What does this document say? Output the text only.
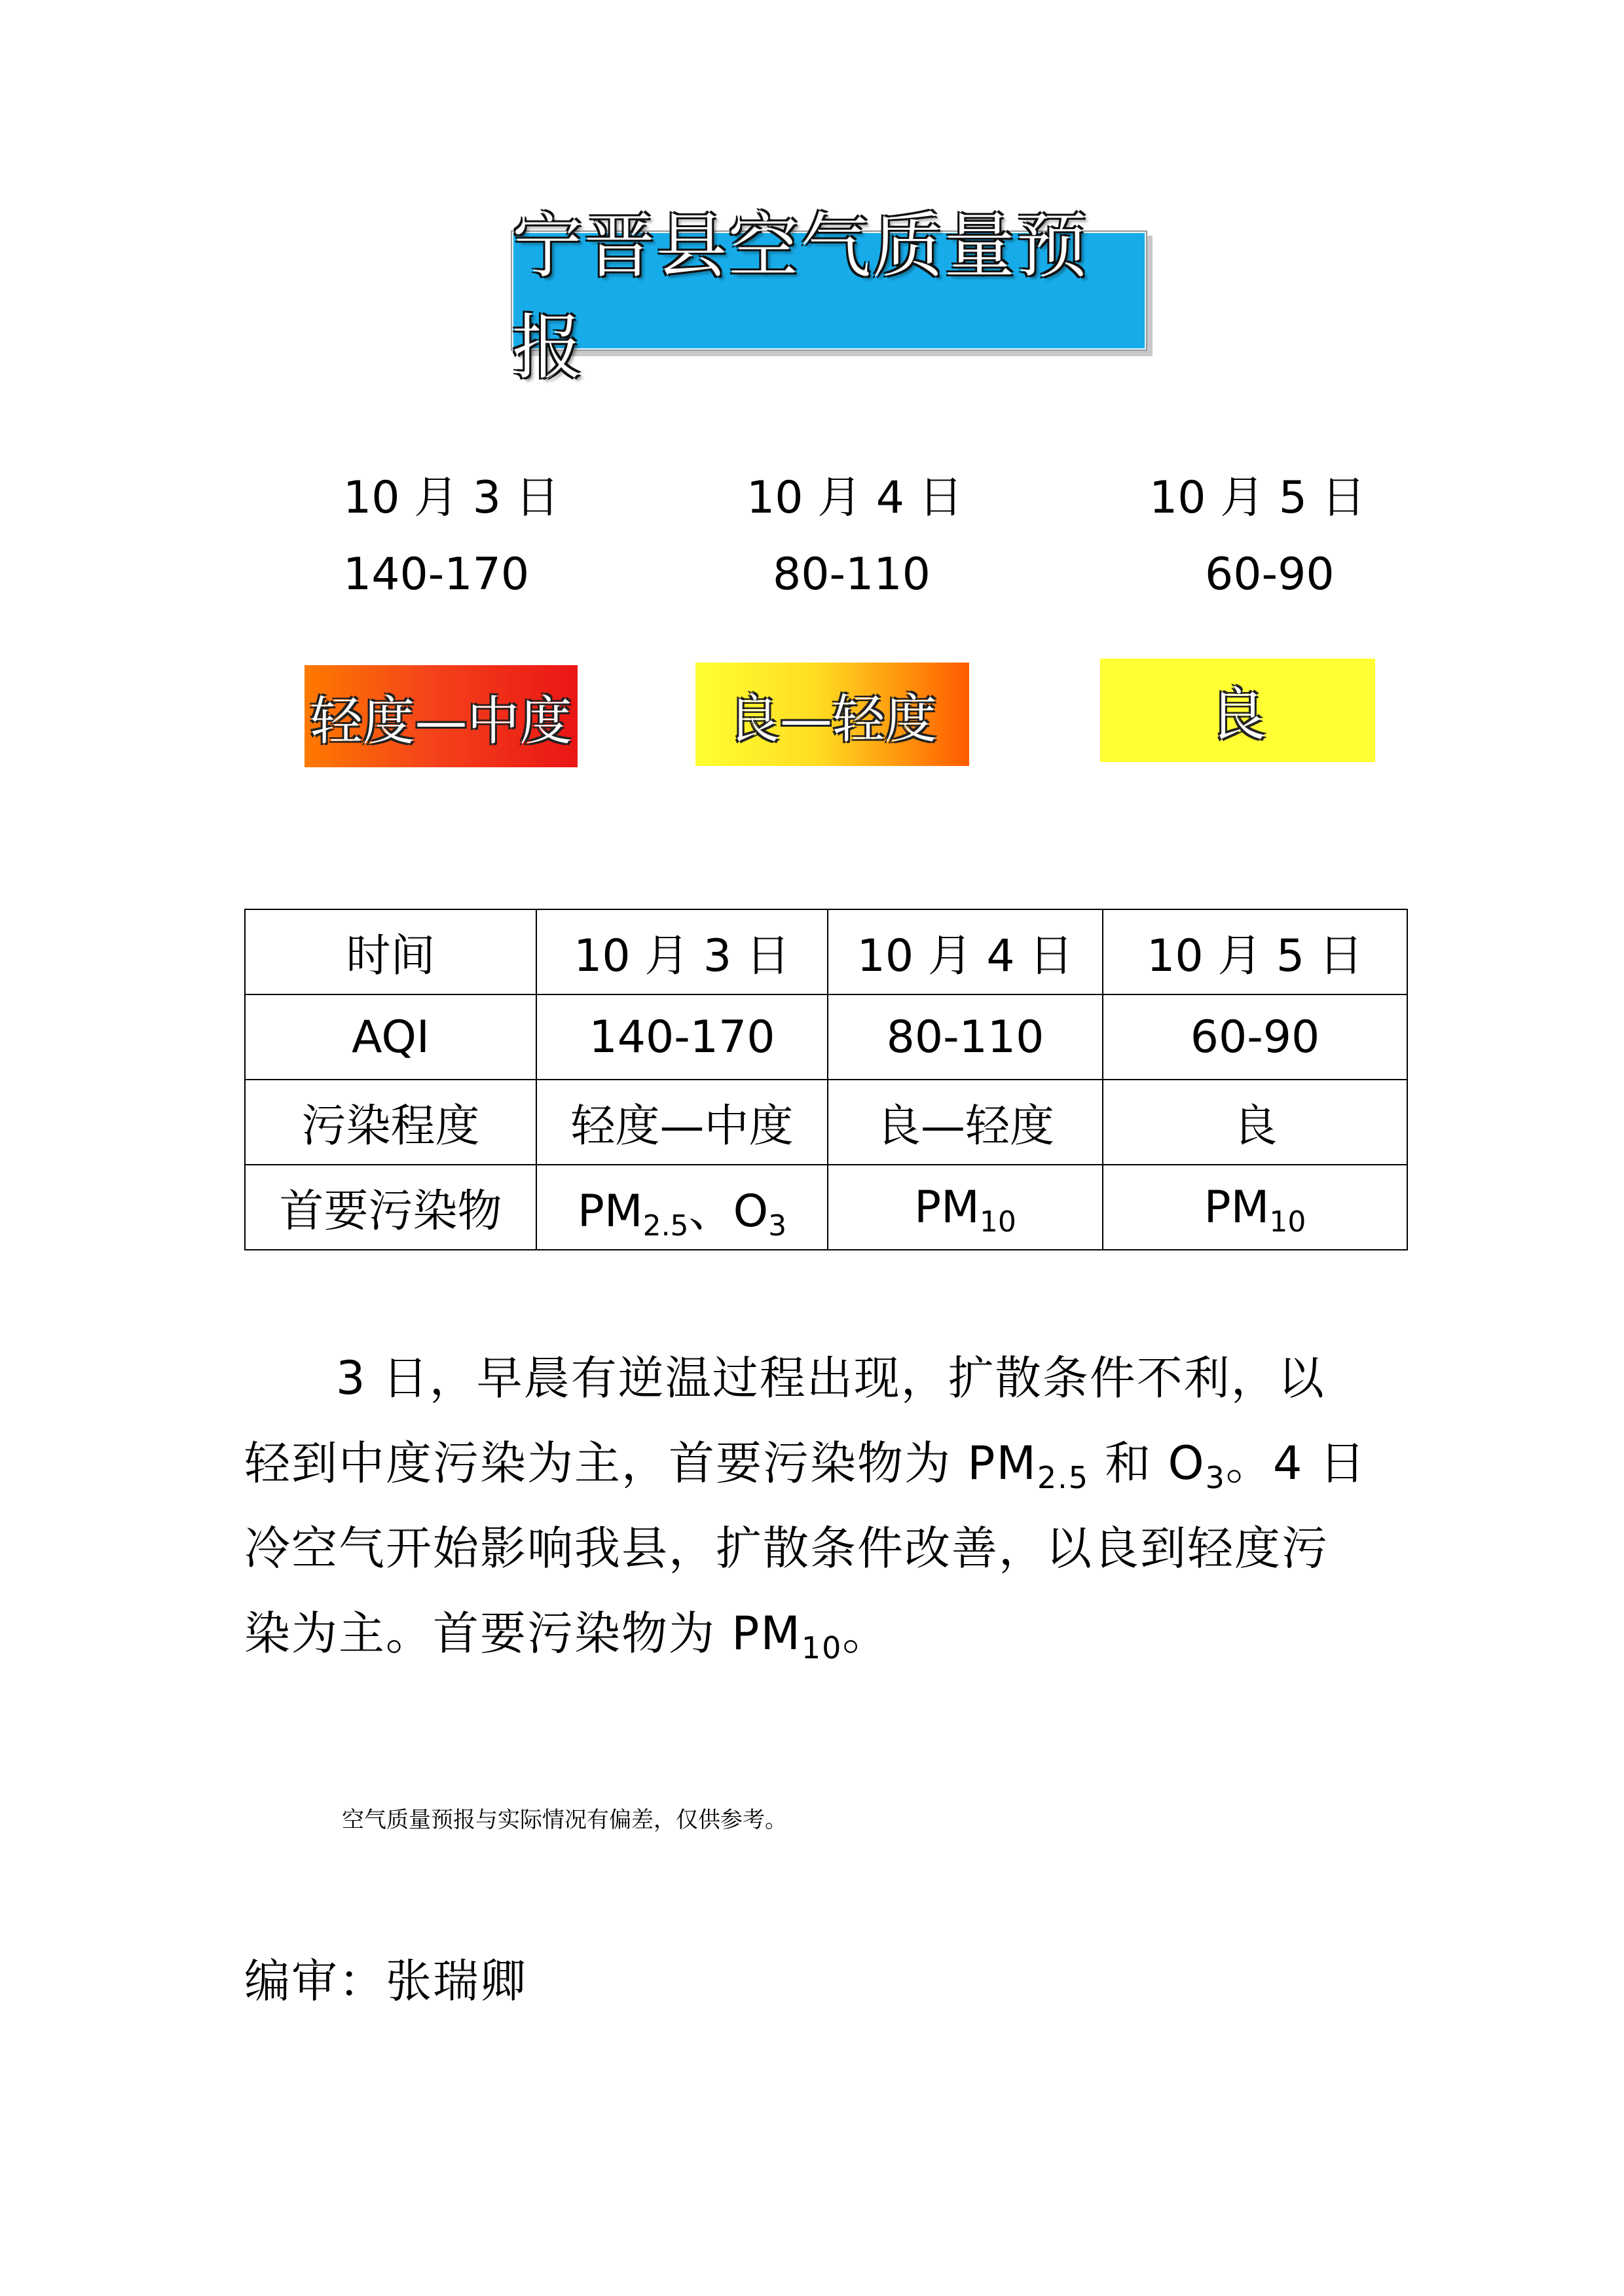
宁晋县空气质量预报
10 月 3 日	10 月 4 日	10 月 5 日
140-170	80-110	60-90
轻度—中度	良—轻度	良
时间	10 月 3 日	10 月 4 日	10 月 5 日
AQI	140-170	80-110	60-90
污染程度	轻度—中度	良—轻度	良
首要污染物	$PM_{2.5}$、$O_3$	$PM_{10}$	$PM_{10}$

3 日，早晨有逆温过程出现，扩散条件不利，以轻到中度污染为主，首要污染物为 $PM_{2.5}$ 和 $O_3$。4 日冷空气开始影响我县，扩散条件改善，以良到轻度污染为主。首要污染物为 $PM_{10}$。

空气质量预报与实际情况有偏差，仅供参考。
编审：张瑞卿
